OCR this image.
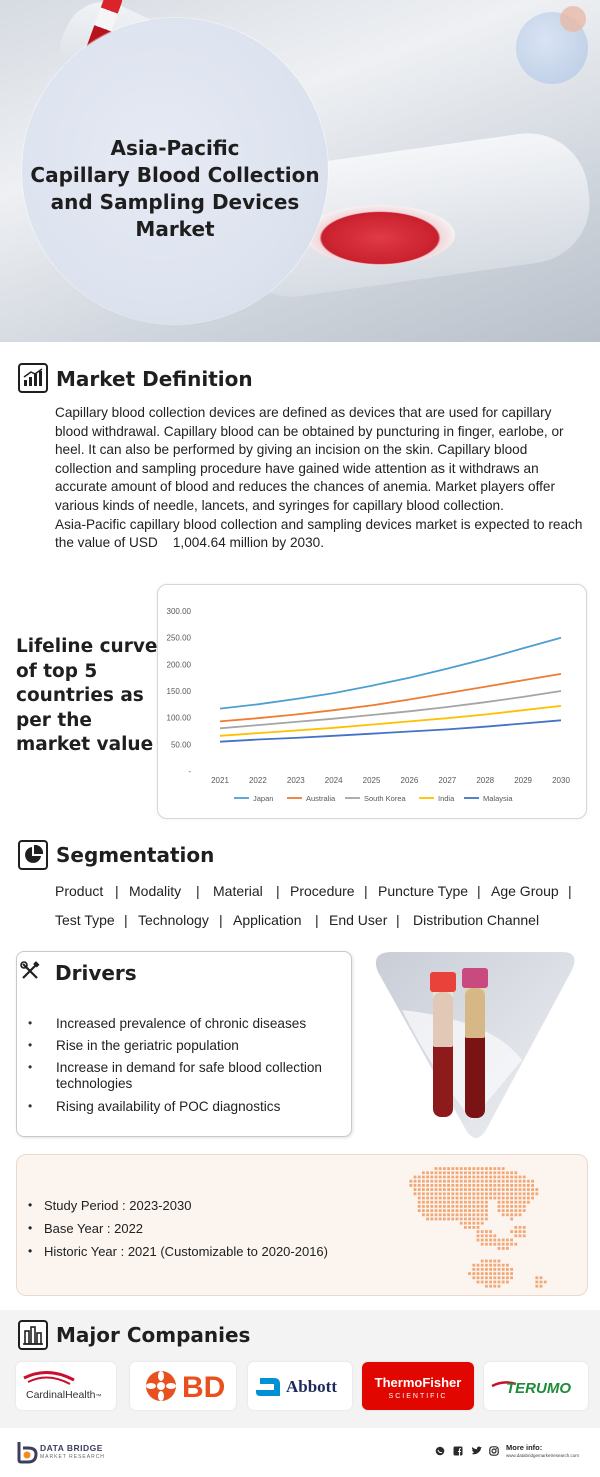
Asia-Pacific
Capillary Blood Collection
and Sampling Devices
Market
Market Definition

Capillary blood collection devices are defined as devices that are used for capillary blood withdrawal. Capillary blood can be obtained by puncturing in finger, earlobe, or heel. It can also be performed by giving an incision on the skin. Capillary blood collection and sampling procedure have gained wide attention as it withdraws an accurate amount of blood and reduces the chances of anemia. Market players offer various kinds of needle, lancets, and syringes for capillary blood collection.

Asia-Pacific capillary blood collection and sampling devices market is expected to reach the value of USD    1,004.64 million by 2030.

Lifeline curve of top 5 countries as per the market value
-
50.00
100.00
150.00
200.00
250.00
300.00
2021	2022	2023	2024	2025	2026	2027	2028	2029	2030
Japan	Australia	South Korea	India	Malaysia
Segmentation
Product | Modality | Material | Procedure | Puncture Type | Age Group |
Test Type | Technology | Application | End User | Distribution Channel
Drivers
• Increased prevalence of chronic diseases
• Rise in the geriatric population
• Increase in demand for safe blood collection technologies
• Rising availability of POC diagnostics
• Study Period : 2023-2030
• Base Year : 2022
• Historic Year : 2021 (Customizable to 2020-2016)
Major Companies
CardinalHealth™	BD	Abbott	ThermoFisher
SCIENTIFIC	TERUMO
DATA BRIDGE
MARKET RESEARCH
More info:
www.databridgemarketresearch.com
